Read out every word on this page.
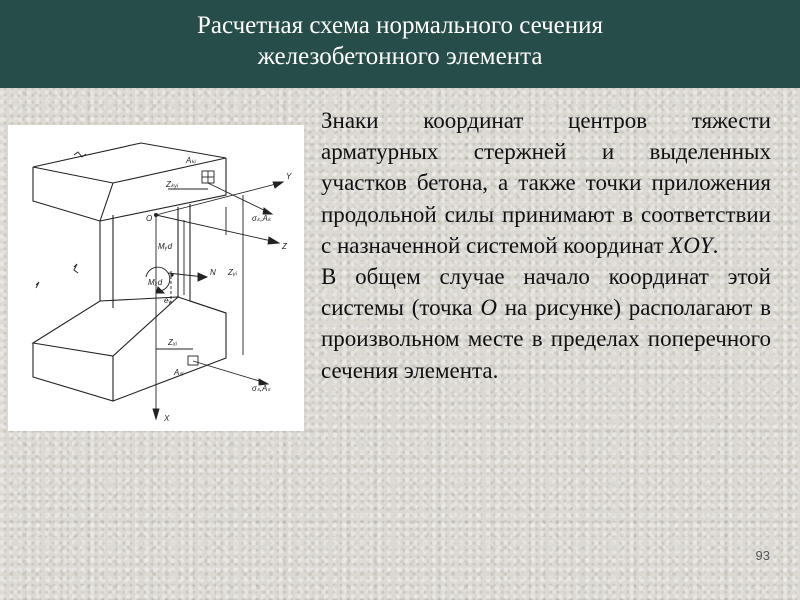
Расчетная схема нормального сечения
железобетонного элемента
Aₖᵢ
Zₖᵧᵢ
Y
σₖ,Aₖ
O
Z
Mᵧd
N
Mₓd
eᵧ
Zᵧᵢ
Zₓᵢ
Aₛᵢ
σₛ,Aₛ
X

Знаки координат центров тяжести арматурных стержней и выделенных участков бетона, а также точки приложения продольной силы принимают в соответствии с назначенной системой координат XOY.

В общем случае начало координат этой системы (точка O на рисунке) располагают в произвольном месте в пределах поперечного сечения элемента.

93
